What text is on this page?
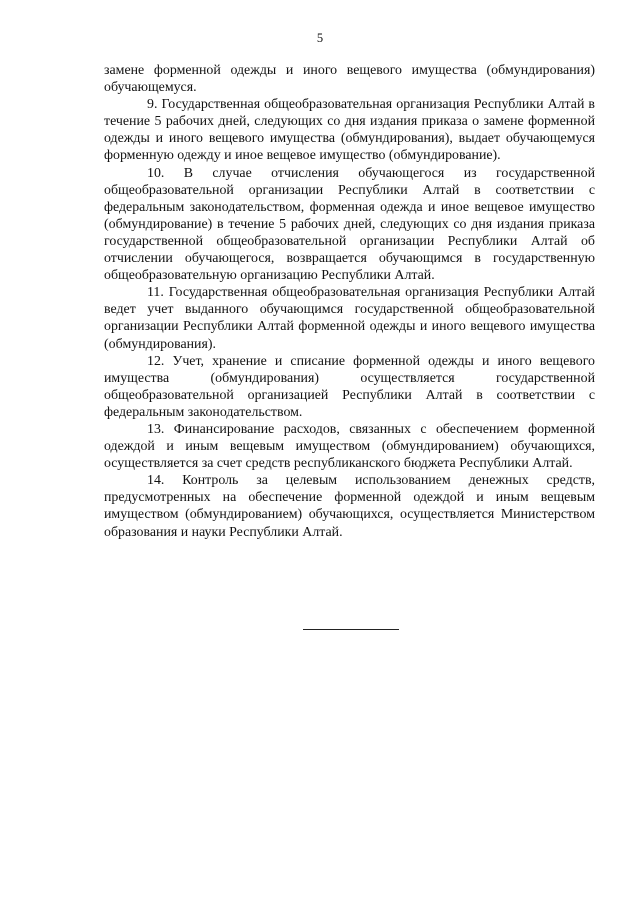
5

замене форменной одежды и иного вещевого имущества (обмундирования) обучающемуся.

9. Государственная общеобразовательная организация Республики Алтай в течение 5 рабочих дней, следующих со дня издания приказа о замене форменной одежды и иного вещевого имущества (обмундирования), выдает обучающемуся форменную одежду и иное вещевое имущество (обмундирование).

10. В случае отчисления обучающегося из государственной общеобразовательной организации Республики Алтай в соответствии с федеральным законодательством, форменная одежда и иное вещевое имущество (обмундирование) в течение 5 рабочих дней, следующих со дня издания приказа государственной общеобразовательной организации Республики Алтай об отчислении обучающегося, возвращается обучающимся в государственную общеобразовательную организацию Республики Алтай.

11. Государственная общеобразовательная организация Республики Алтай ведет учет выданного обучающимся государственной общеобразовательной организации Республики Алтай форменной одежды и иного вещевого имущества (обмундирования).

12. Учет, хранение и списание форменной одежды и иного вещевого имущества (обмундирования) осуществляется государственной общеобразовательной организацией Республики Алтай в соответствии с федеральным законодательством.

13. Финансирование расходов, связанных с обеспечением форменной одеждой и иным вещевым имуществом (обмундированием) обучающихся, осуществляется за счет средств республиканского бюджета Республики Алтай.

14. Контроль за целевым использованием денежных средств, предусмотренных на обеспечение форменной одеждой и иным вещевым имуществом (обмундированием) обучающихся, осуществляется Министерством образования и науки Республики Алтай.
